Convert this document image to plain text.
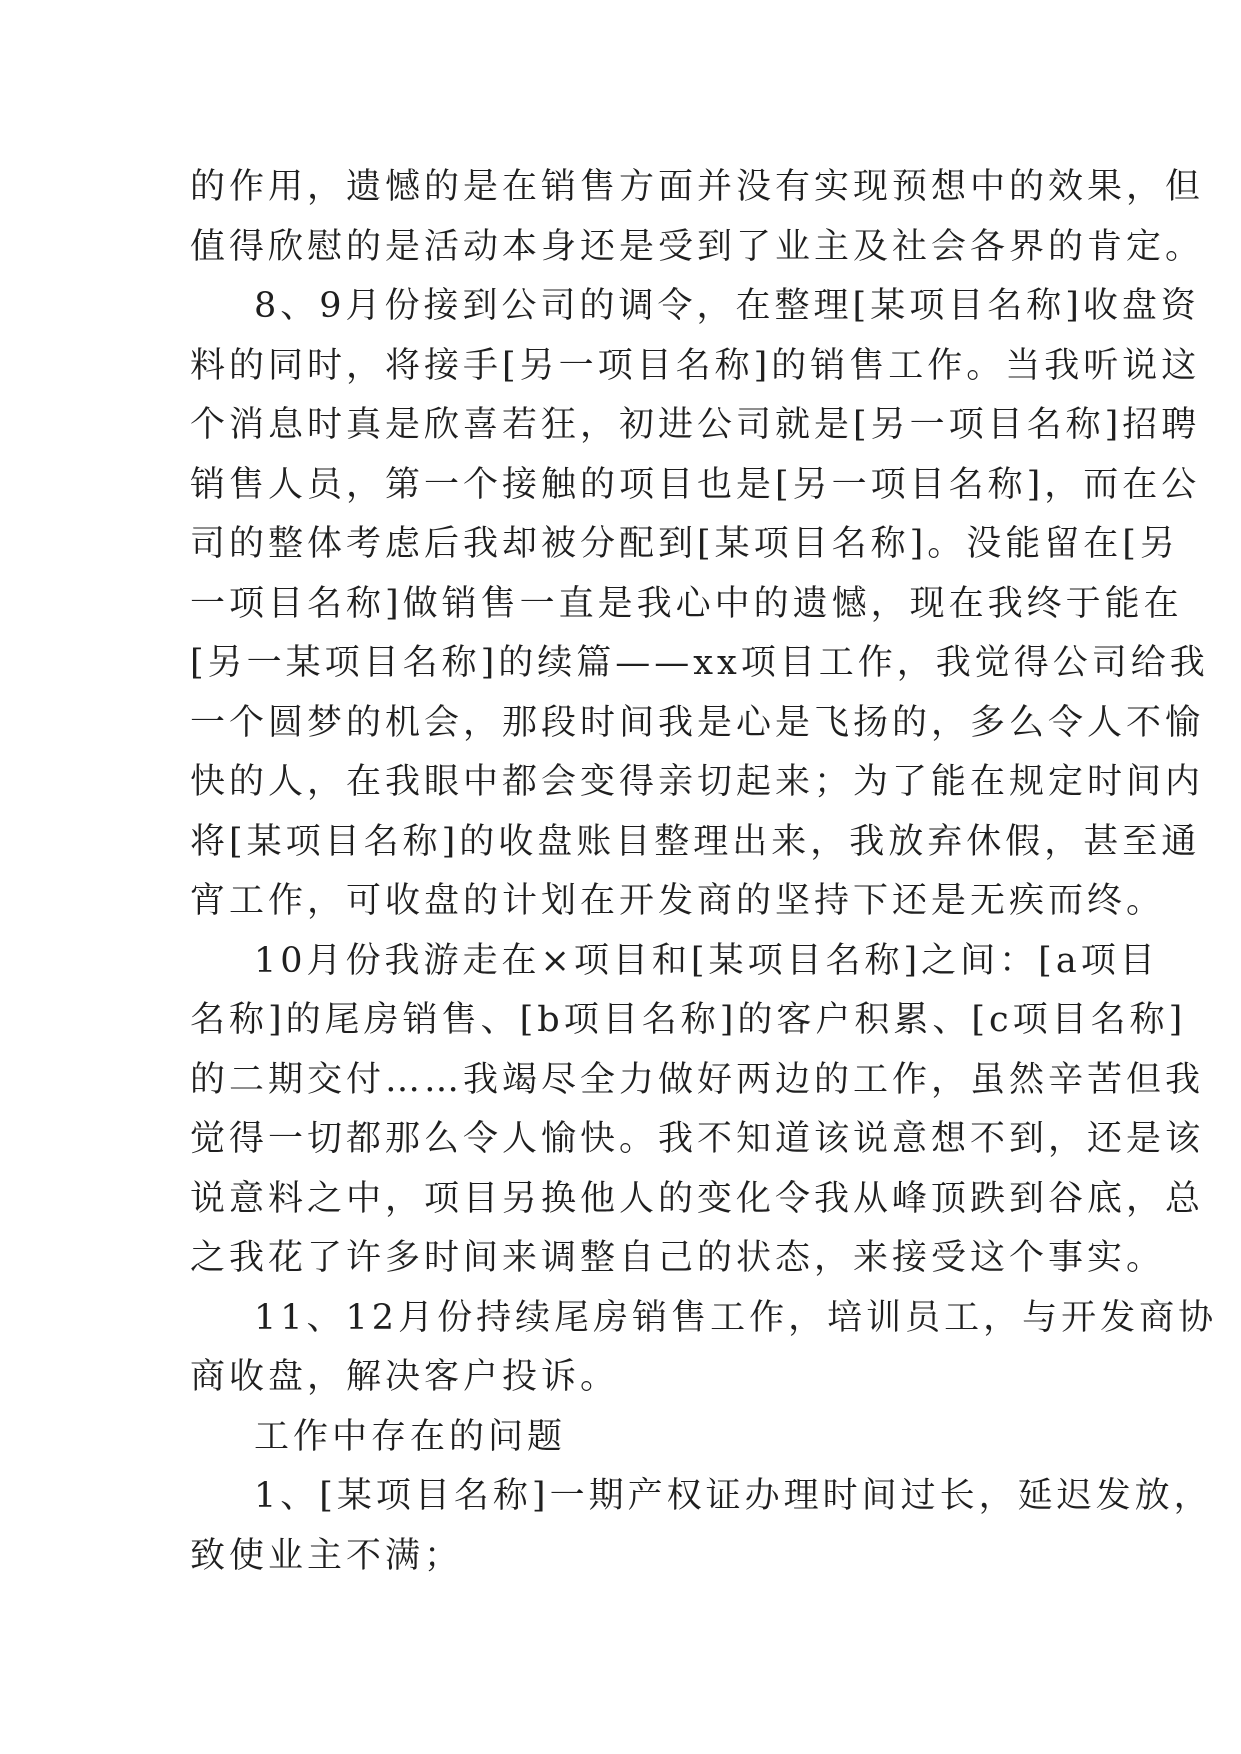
的作用，遗憾的是在销售方面并没有实现预想中的效果，但
值得欣慰的是活动本身还是受到了业主及社会各界的肯定。
8、9月份接到公司的调令，在整理[某项目名称]收盘资
料的同时，将接手[另一项目名称]的销售工作。当我听说这
个消息时真是欣喜若狂，初进公司就是[另一项目名称]招聘
销售人员，第一个接触的项目也是[另一项目名称]，而在公
司的整体考虑后我却被分配到[某项目名称]。没能留在[另
一项目名称]做销售一直是我心中的遗憾，现在我终于能在
[另一某项目名称]的续篇——xx项目工作，我觉得公司给我
一个圆梦的机会，那段时间我是心是飞扬的，多么令人不愉
快的人，在我眼中都会变得亲切起来；为了能在规定时间内
将[某项目名称]的收盘账目整理出来，我放弃休假，甚至通
宵工作，可收盘的计划在开发商的坚持下还是无疾而终。
10月份我游走在×项目和[某项目名称]之间：[a项目
名称]的尾房销售、[b项目名称]的客户积累、[c项目名称]
的二期交付……我竭尽全力做好两边的工作，虽然辛苦但我
觉得一切都那么令人愉快。我不知道该说意想不到，还是该
说意料之中，项目另换他人的变化令我从峰顶跌到谷底，总
之我花了许多时间来调整自己的状态，来接受这个事实。
11、12月份持续尾房销售工作，培训员工，与开发商协
商收盘，解决客户投诉。
工作中存在的问题
1、[某项目名称]一期产权证办理时间过长，延迟发放，
致使业主不满；
